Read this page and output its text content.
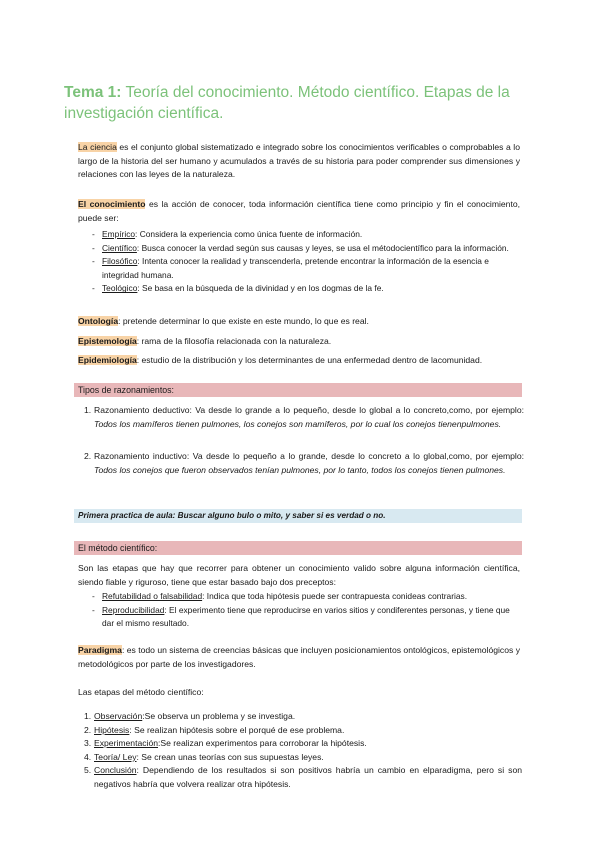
Tema 1: Teoría del conocimiento. Método científico. Etapas de la investigación científica.
La ciencia es el conjunto global sistematizado e integrado sobre los conocimientos verificables o comprobables a lo largo de la historia del ser humano y acumulados a través de su historia para poder comprender sus dimensiones y relaciones con las leyes de la naturaleza.
El conocimiento es la acción de conocer, toda información científica tiene como principio y fin el conocimiento, puede ser:
- Empírico: Considera la experiencia como única fuente de información.
- Científico: Busca conocer la verdad según sus causas y leyes, se usa el métodocientífico para la información.
- Filosófico: Intenta conocer la realidad y transcenderla, pretende encontrar la información de la esencia e integridad humana.
- Teológico: Se basa en la búsqueda de la divinidad y en los dogmas de la fe.
Ontología: pretende determinar lo que existe en este mundo, lo que es real.
Epistemología: rama de la filosofía relacionada con la naturaleza.
Epidemiología: estudio de la distribución y los determinantes de una enfermedad dentro de lacomunidad.
Tipos de razonamientos:
1. Razonamiento deductivo: Va desde lo grande a lo pequeño, desde lo global a lo concreto,como, por ejemplo: Todos los mamíferos tienen pulmones, los conejos son mamíferos, por lo cual los conejos tienenpulmones.
2. Razonamiento inductivo: Va desde lo pequeño a lo grande, desde lo concreto a lo global,como, por ejemplo: Todos los conejos que fueron observados tenían pulmones, por lo tanto, todos los conejos tienen pulmones.
Primera practica de aula: Buscar alguno bulo o mito, y saber si es verdad o no.
El método científico:
Son las etapas que hay que recorrer para obtener un conocimiento valido sobre alguna información científica, siendo fiable y riguroso, tiene que estar basado bajo dos preceptos:
- Refutabilidad o falsabilidad: Indica que toda hipótesis puede ser contrapuesta conideas contrarias.
- Reproducibilidad: El experimento tiene que reproducirse en varios sitios y condiferentes personas, y tiene que dar el mismo resultado.
Paradigma: es todo un sistema de creencias básicas que incluyen posicionamientos ontológicos, epistemológicos y metodológicos por parte de los investigadores.
Las etapas del método científico:
1. Observación:Se observa un problema y se investiga.
2. Hipótesis: Se realizan hipótesis sobre el porqué de ese problema.
3. Experimentación:Se realizan experimentos para corroborar la hipótesis.
4. Teoría/ Ley: Se crean unas teorías con sus supuestas leyes.
5. Conclusión: Dependiendo de los resultados si son positivos habría un cambio en elparadigma, pero si son negativos habría que volvera realizar otra hipótesis.
